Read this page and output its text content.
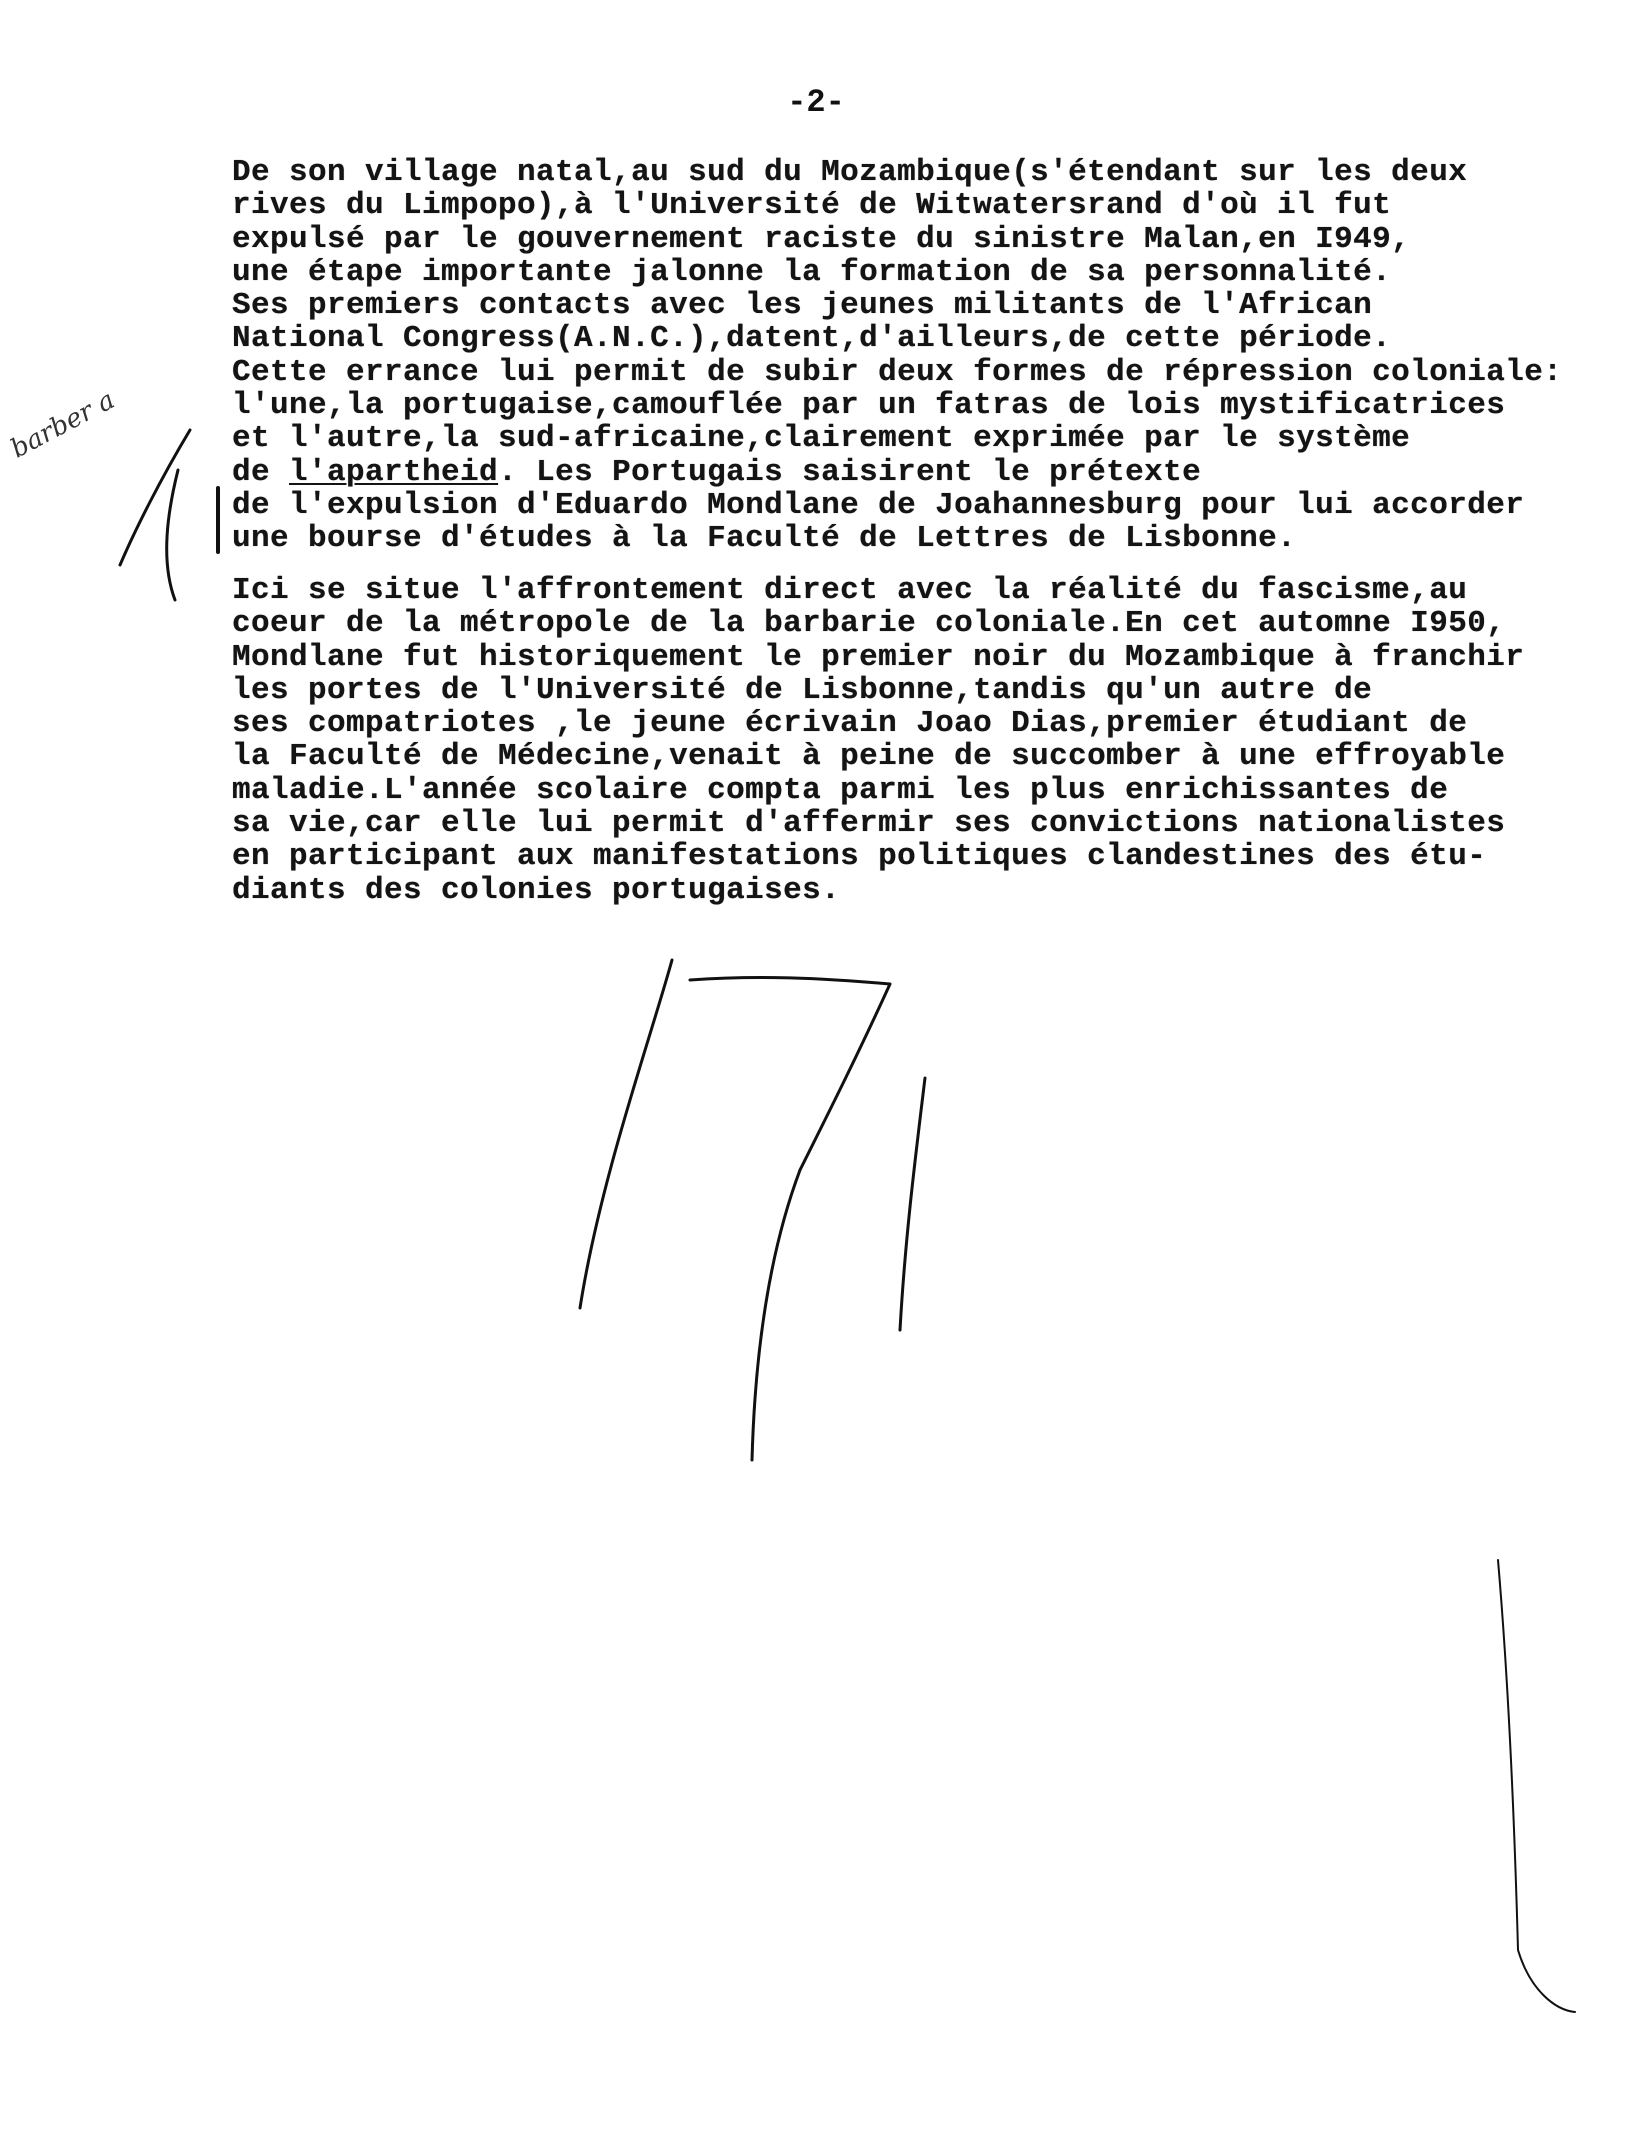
-2-
De son village natal,au sud du Mozambique(s'étendant sur les deux
rives du Limpopo),à l'Université de Witwatersrand d'où il fut
expulsé par le gouvernement raciste du sinistre Malan,en I949,
une étape importante jalonne la formation de sa personnalité.
Ses premiers contacts avec les jeunes militants de l'African
National Congress(A.N.C.),datent,d'ailleurs,de cette période.
Cette errance lui permit de subir deux formes de répression coloniale:
l'une,la portugaise,camouflée par un fatras de lois mystificatrices
et l'autre,la sud-africaine,clairement exprimée par le système
de l'apartheid. Les Portugais saisirent le prétexte
de l'expulsion d'Eduardo Mondlane de Joahannesburg pour lui accorder
une bourse d'études à la Faculté de Lettres de Lisbonne.
Ici se situe l'affrontement direct avec la réalité du fascisme,au
coeur de la métropole de la barbarie coloniale.En cet automne I950,
Mondlane fut historiquement le premier noir du Mozambique à franchir
les portes de l'Université de Lisbonne,tandis qu'un autre de
ses compatriotes ,le jeune écrivain Joao Dias,premier étudiant de
la Faculté de Médecine,venait à peine de succomber à une effroyable
maladie.L'année scolaire compta parmi les plus enrichissantes de
sa vie,car elle lui permit d'affermir ses convictions nationalistes
en participant aux manifestations politiques clandestines des étu-
diants des colonies portugaises.
barber a
